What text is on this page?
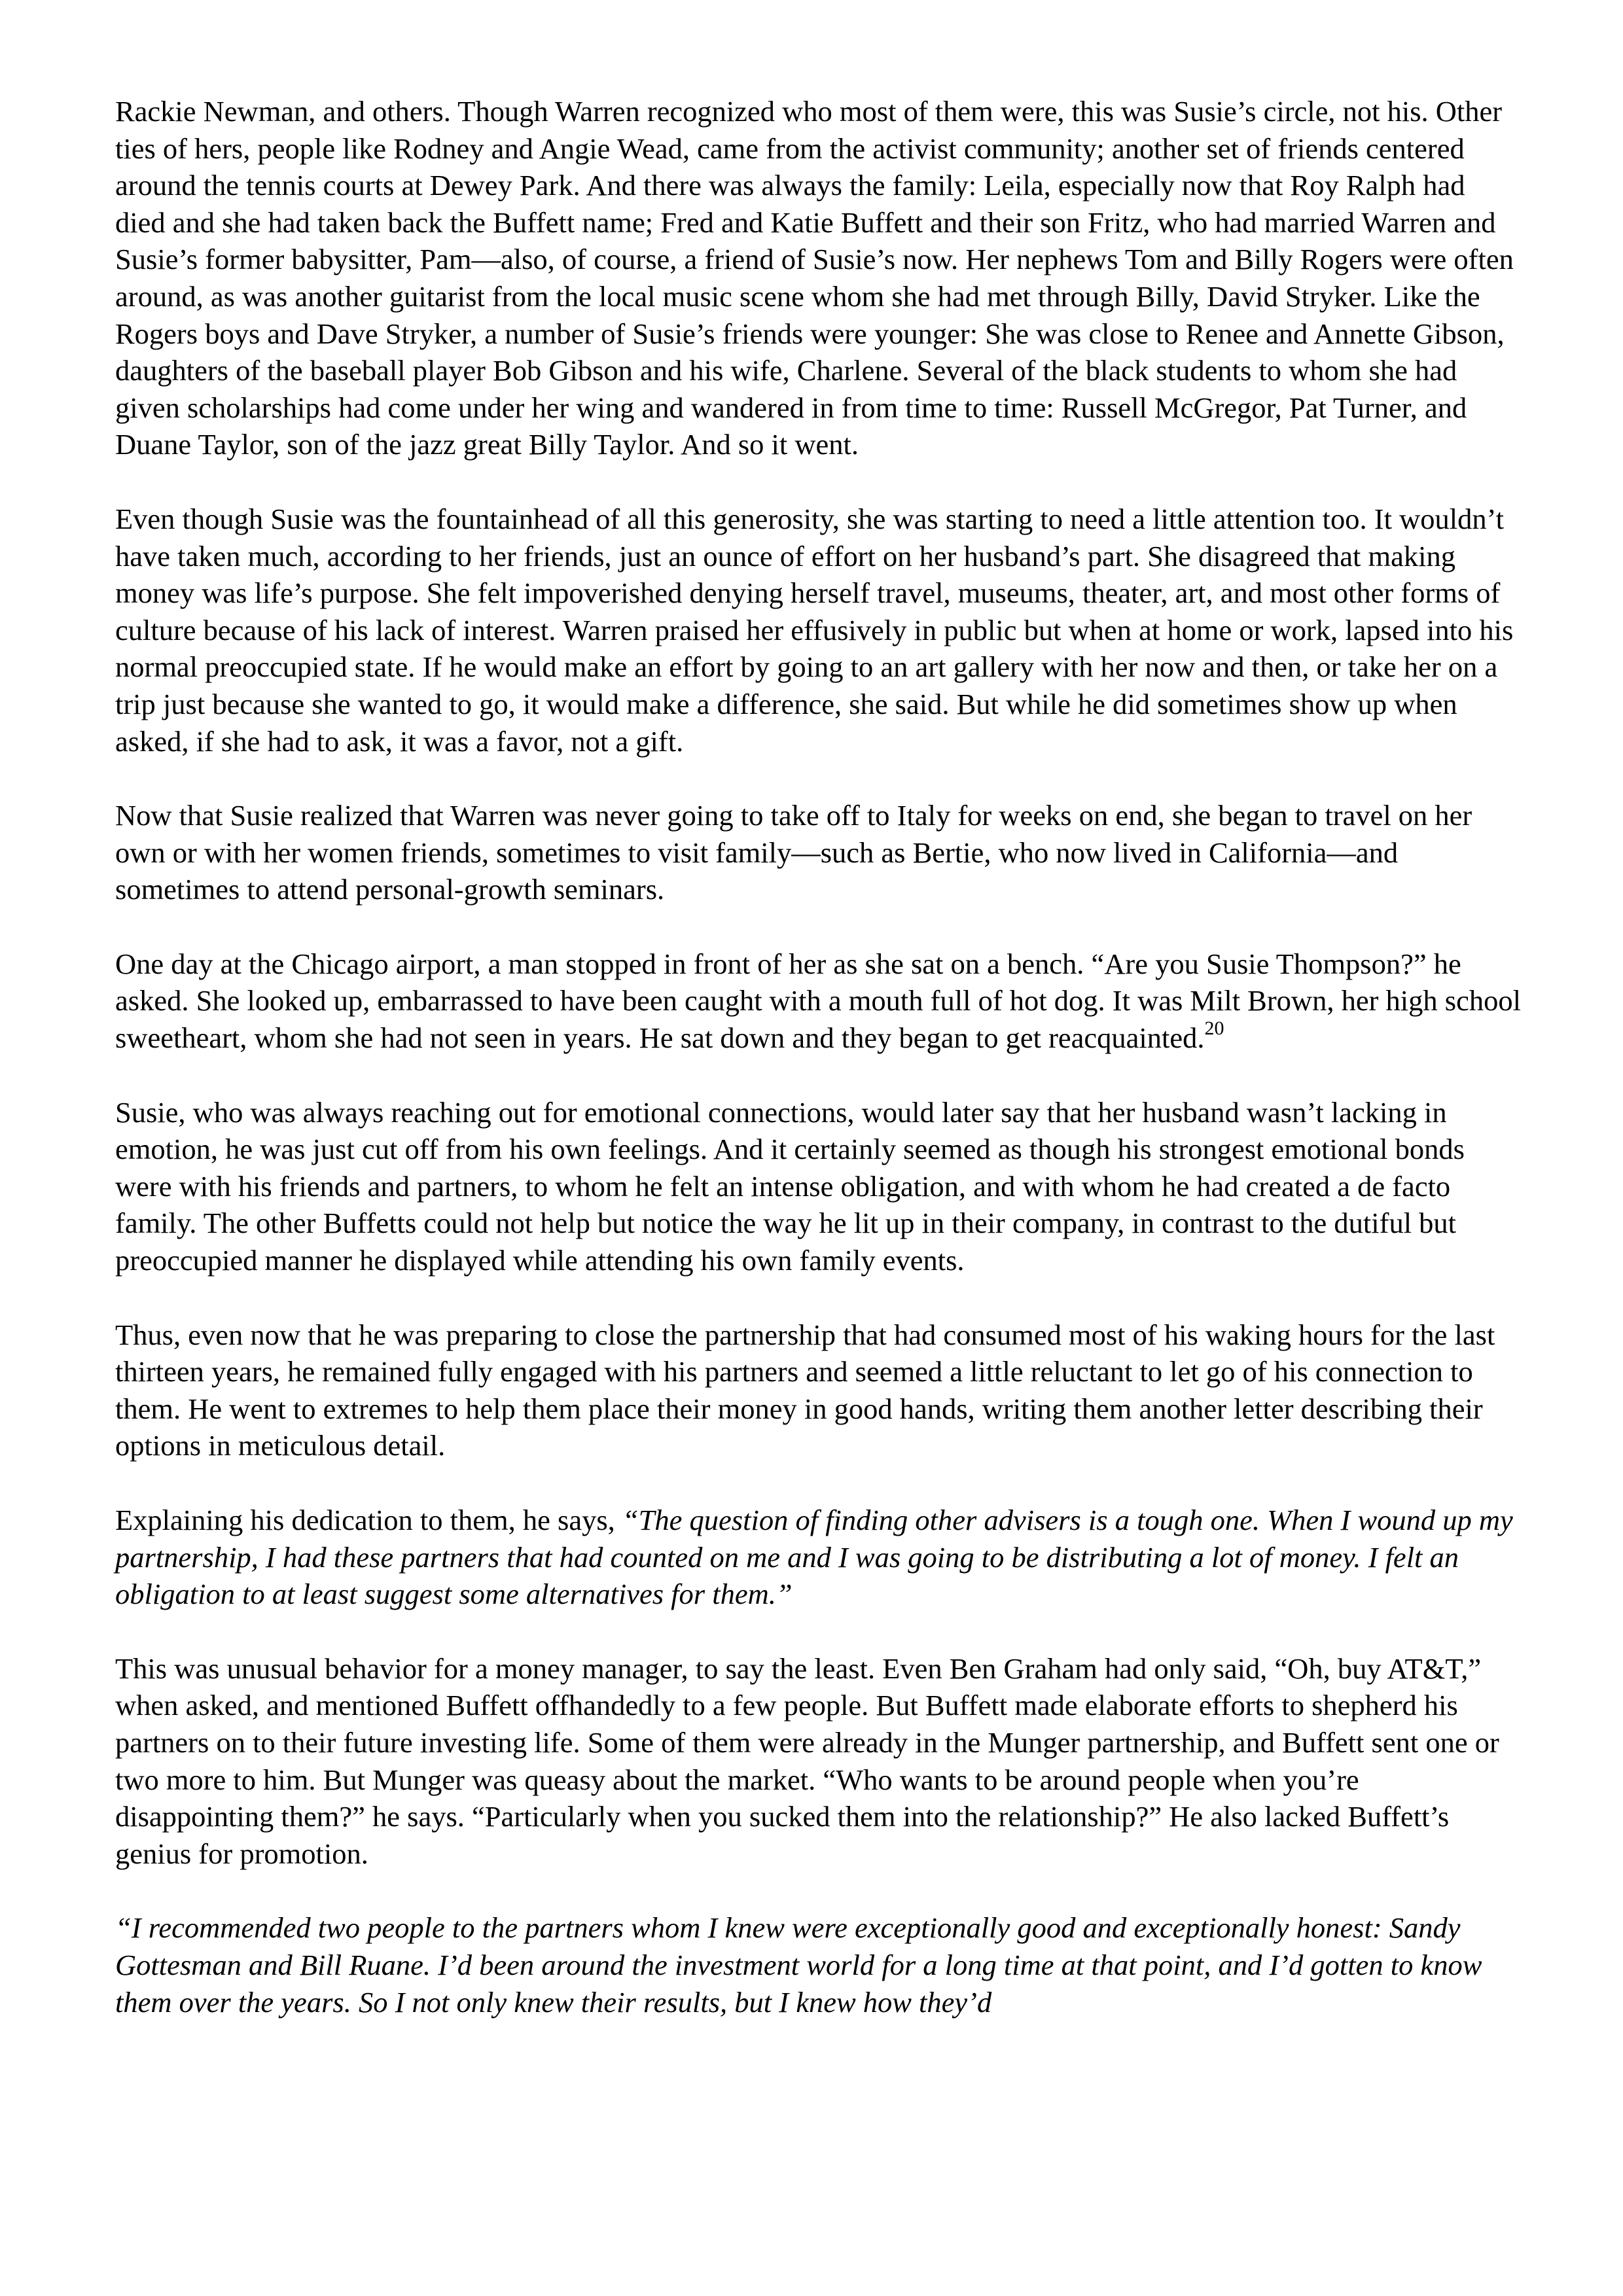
Rackie Newman, and others. Though Warren recognized who most of them were, this was Susie’s circle, not his. Other ties of hers, people like Rodney and Angie Wead, came from the activist community; another set of friends centered around the tennis courts at Dewey Park. And there was always the family: Leila, especially now that Roy Ralph had died and she had taken back the Buffett name; Fred and Katie Buffett and their son Fritz, who had married Warren and Susie’s former babysitter, Pam—also, of course, a friend of Susie’s now. Her nephews Tom and Billy Rogers were often around, as was another guitarist from the local music scene whom she had met through Billy, David Stryker. Like the Rogers boys and Dave Stryker, a number of Susie’s friends were younger: She was close to Renee and Annette Gibson, daughters of the baseball player Bob Gibson and his wife, Charlene. Several of the black students to whom she had given scholarships had come under her wing and wandered in from time to time: Russell McGregor, Pat Turner, and Duane Taylor, son of the jazz great Billy Taylor. And so it went.

Even though Susie was the fountainhead of all this generosity, she was starting to need a little attention too. It wouldn’t have taken much, according to her friends, just an ounce of effort on her husband’s part. She disagreed that making money was life’s purpose. She felt impoverished denying herself travel, museums, theater, art, and most other forms of culture because of his lack of interest. Warren praised her effusively in public but when at home or work, lapsed into his normal preoccupied state. If he would make an effort by going to an art gallery with her now and then, or take her on a trip just because she wanted to go, it would make a difference, she said. But while he did sometimes show up when asked, if she had to ask, it was a favor, not a gift.

Now that Susie realized that Warren was never going to take off to Italy for weeks on end, she began to travel on her own or with her women friends, sometimes to visit family—such as Bertie, who now lived in California—and sometimes to attend personal-growth seminars.

One day at the Chicago airport, a man stopped in front of her as she sat on a bench. “Are you Susie Thompson?” he asked. She looked up, embarrassed to have been caught with a mouth full of hot dog. It was Milt Brown, her high school sweetheart, whom she had not seen in years. He sat down and they began to get reacquainted.$^{20}$

Susie, who was always reaching out for emotional connections, would later say that her husband wasn’t lacking in emotion, he was just cut off from his own feelings. And it certainly seemed as though his strongest emotional bonds were with his friends and partners, to whom he felt an intense obligation, and with whom he had created a de facto family. The other Buffetts could not help but notice the way he lit up in their company, in contrast to the dutiful but preoccupied manner he displayed while attending his own family events.

Thus, even now that he was preparing to close the partnership that had consumed most of his waking hours for the last thirteen years, he remained fully engaged with his partners and seemed a little reluctant to let go of his connection to them. He went to extremes to help them place their money in good hands, writing them another letter describing their options in meticulous detail.

Explaining his dedication to them, he says, “The question of finding other advisers is a tough one. When I wound up my partnership, I had these partners that had counted on me and I was going to be distributing a lot of money. I felt an obligation to at least suggest some alternatives for them.”

This was unusual behavior for a money manager, to say the least. Even Ben Graham had only said, “Oh, buy AT&T,” when asked, and mentioned Buffett offhandedly to a few people. But Buffett made elaborate efforts to shepherd his partners on to their future investing life. Some of them were already in the Munger partnership, and Buffett sent one or two more to him. But Munger was queasy about the market. “Who wants to be around people when you’re disappointing them?” he says. “Particularly when you sucked them into the relationship?” He also lacked Buffett’s genius for promotion.

“I recommended two people to the partners whom I knew were exceptionally good and exceptionally honest: Sandy Gottesman and Bill Ruane. I’d been around the investment world for a long time at that point, and I’d gotten to know them over the years. So I not only knew their results, but I knew how they’d
